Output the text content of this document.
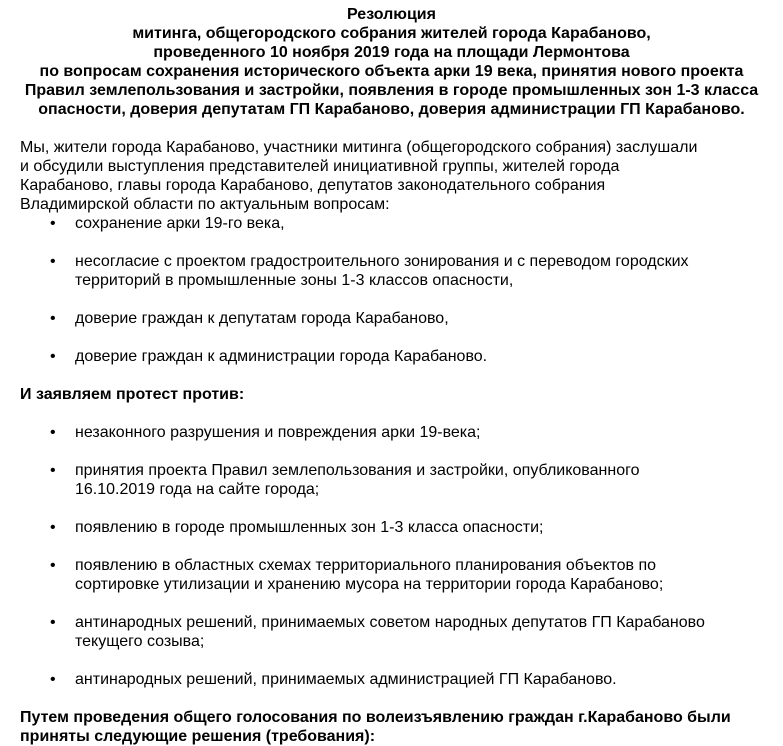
Резолюция
митинга, общегородского собрания жителей города Карабаново,
проведенного 10 ноября 2019 года на площади Лермонтова
по вопросам сохранения исторического объекта арки 19 века, принятия нового проекта
Правил землепользования и застройки, появления в городе промышленных зон 1-3 класса
опасности, доверия депутатам ГП Карабаново, доверия администрации ГП Карабаново.
Мы, жители города Карабаново, участники митинга (общегородского собрания) заслушали
и обсудили выступления представителей инициативной группы, жителей города
Карабаново, главы города Карабаново, депутатов законодательного собрания
Владимирской области по актуальным вопросам:
• сохранение арки 19-го века,
• несогласие с проектом градостроительного зонирования и с переводом городских
территорий в промышленные зоны 1-3 классов опасности,
• доверие граждан к депутатам города Карабаново,
• доверие граждан к администрации города Карабаново.
И заявляем протест против:
• незаконного разрушения и повреждения арки 19-века;
• принятия проекта Правил землепользования и застройки, опубликованного
16.10.2019 года на сайте города;
• появлению в городе промышленных зон 1-3 класса опасности;
• появлению в областных схемах территориального планирования объектов по
сортировке утилизации и хранению мусора на территории города Карабаново;
• антинародных решений, принимаемых советом народных депутатов ГП Карабаново
текущего созыва;
• антинародных решений, принимаемых администрацией ГП Карабаново.
Путем проведения общего голосования по волеизъявлению граждан г.Карабаново были
приняты следующие решения (требования):
